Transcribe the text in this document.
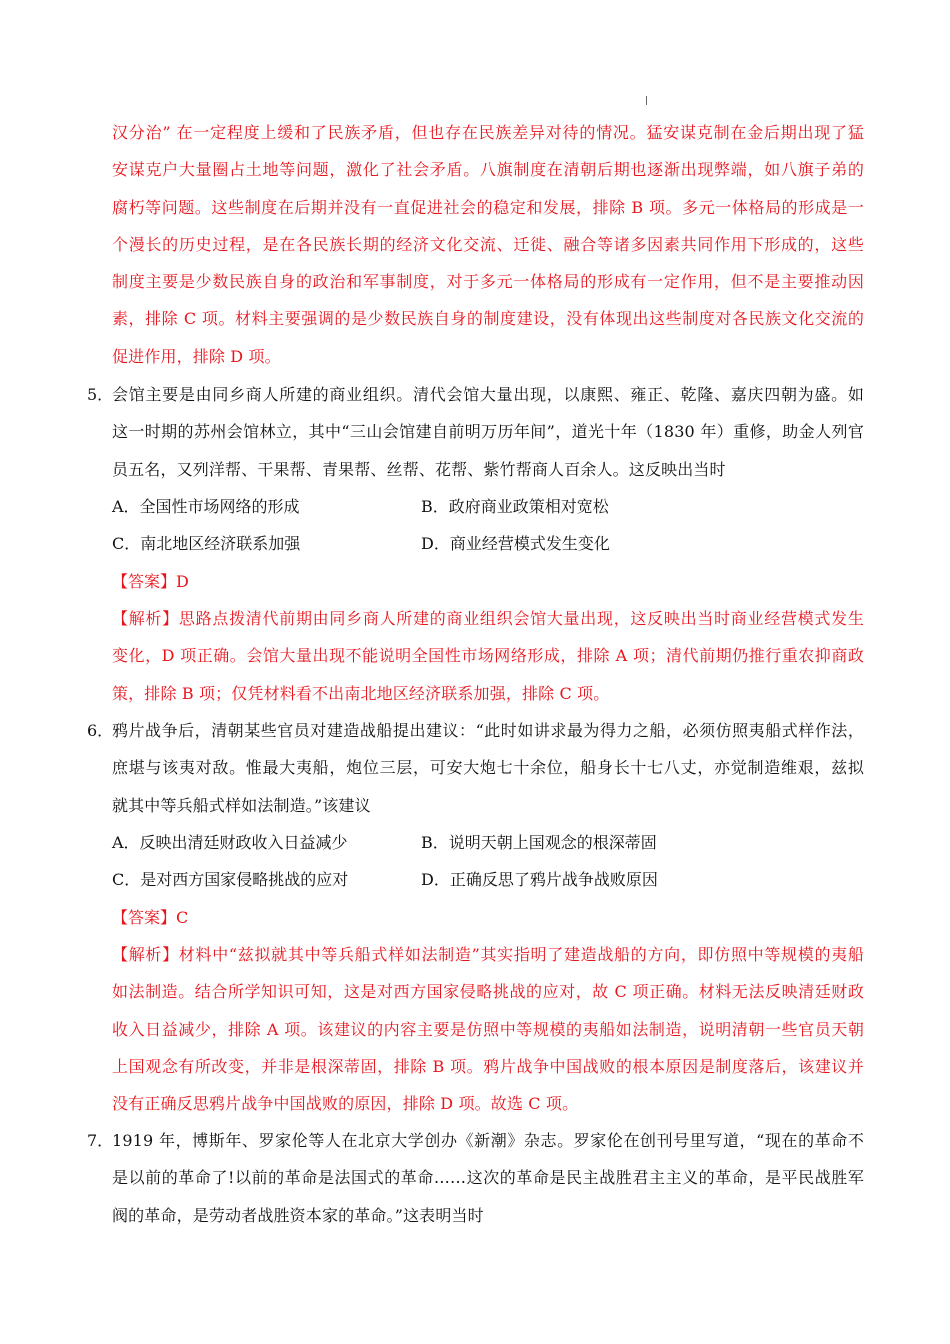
汉分治” 在一定程度上缓和了民族矛盾，但也存在民族差异对待的情况。猛安谋克制在金后期出现了猛
安谋克户大量圈占土地等问题，激化了社会矛盾。八旗制度在清朝后期也逐渐出现弊端，如八旗子弟的
腐朽等问题。这些制度在后期并没有一直促进社会的稳定和发展，排除 B 项。多元一体格局的形成是一
个漫长的历史过程，是在各民族长期的经济文化交流、迁徙、融合等诸多因素共同作用下形成的，这些
制度主要是少数民族自身的政治和军事制度，对于多元一体格局的形成有一定作用，但不是主要推动因
素，排除 C 项。材料主要强调的是少数民族自身的制度建设，没有体现出这些制度对各民族文化交流的
促进作用，排除 D 项。
5．
会馆主要是由同乡商人所建的商业组织。清代会馆大量出现，以康熙、雍正、乾隆、嘉庆四朝为盛。如
这一时期的苏州会馆林立，其中“三山会馆建自前明万历年间”，道光十年（1830 年）重修，助金人列官
员五名，又列洋帮、干果帮、青果帮、丝帮、花帮、紫竹帮商人百余人。这反映出当时
A．全国性市场网络的形成	B．政府商业政策相对宽松
C．南北地区经济联系加强	D．商业经营模式发生变化
【答案】D
【解析】思路点拨清代前期由同乡商人所建的商业组织会馆大量出现，这反映出当时商业经营模式发生
变化，D 项正确。会馆大量出现不能说明全国性市场网络形成，排除 A 项；清代前期仍推行重农抑商政
策，排除 B 项；仅凭材料看不出南北地区经济联系加强，排除 C 项。
6．
鸦片战争后，清朝某些官员对建造战船提出建议：“此时如讲求最为得力之船，必须仿照夷船式样作法，
庶堪与该夷对敌。惟最大夷船，炮位三层，可安大炮七十余位，船身长十七八丈，亦觉制造维艰，兹拟
就其中等兵船式样如法制造。”该建议
A．反映出清廷财政收入日益减少	B．说明天朝上国观念的根深蒂固
C．是对西方国家侵略挑战的应对	D．正确反思了鸦片战争战败原因
【答案】C
【解析】材料中“兹拟就其中等兵船式样如法制造”其实指明了建造战船的方向，即仿照中等规模的夷船
如法制造。结合所学知识可知，这是对西方国家侵略挑战的应对，故 C 项正确。材料无法反映清廷财政
收入日益减少，排除 A 项。该建议的内容主要是仿照中等规模的夷船如法制造，说明清朝一些官员天朝
上国观念有所改变，并非是根深蒂固，排除 B 项。鸦片战争中国战败的根本原因是制度落后，该建议并
没有正确反思鸦片战争中国战败的原因，排除 D 项。故选 C 项。
7．
1919 年，博斯年、罗家伦等人在北京大学创办《新潮》杂志。罗家伦在创刊号里写道，“现在的革命不
是以前的革命了!以前的革命是法国式的革命……这次的革命是民主战胜君主主义的革命，是平民战胜军
阀的革命，是劳动者战胜资本家的革命。”这表明当时
